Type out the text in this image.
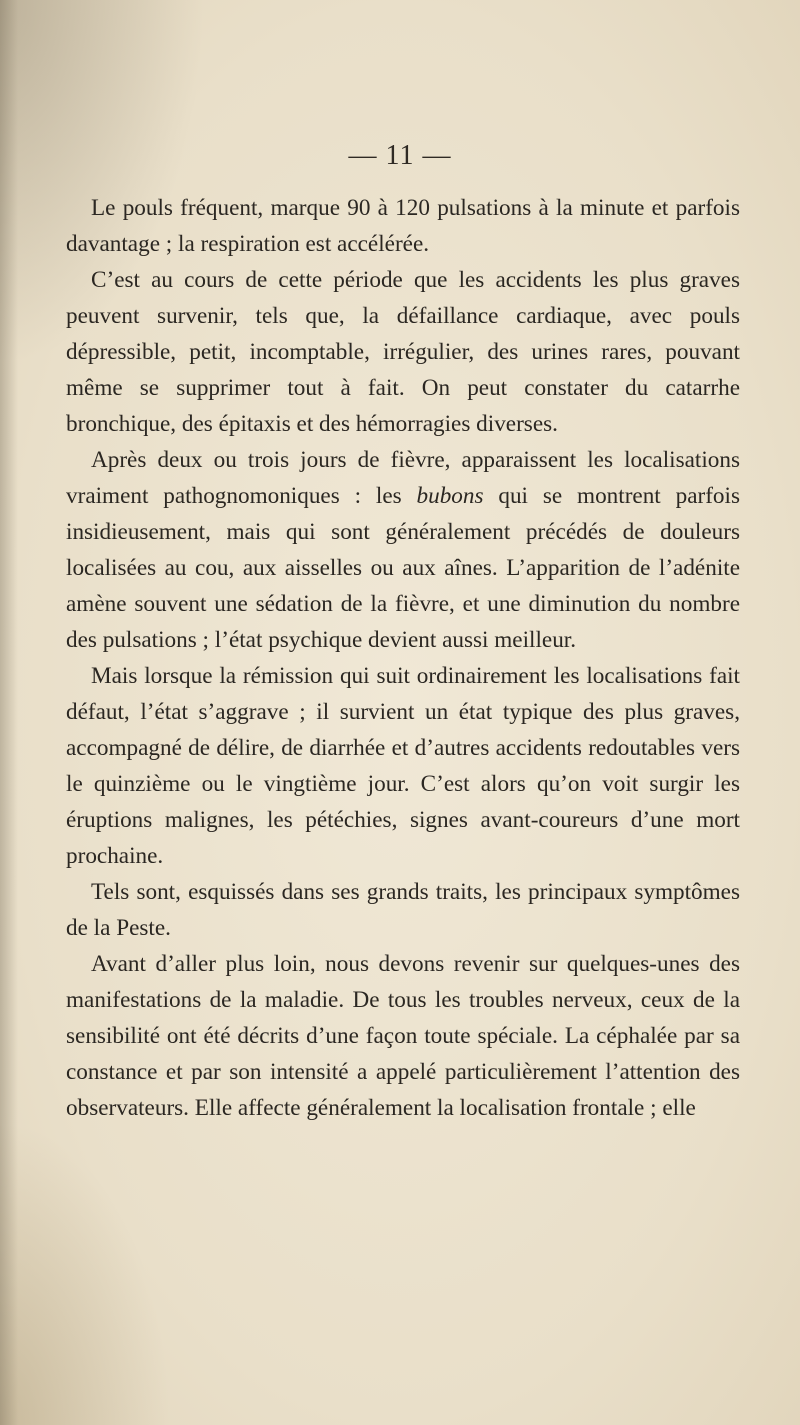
— 11 —

Le pouls fréquent, marque 90 à 120 pulsations à la minute et parfois davantage ; la respiration est accélérée.

C’est au cours de cette période que les accidents les plus graves peuvent survenir, tels que, la défaillance cardiaque, avec pouls dépressible, petit, incomptable, irrégulier, des urines rares, pouvant même se supprimer tout à fait. On peut constater du catarrhe bronchique, des épitaxis et des hémorragies diverses.

Après deux ou trois jours de fièvre, apparaissent les localisations vraiment pathognomoniques : les bubons qui se montrent parfois insidieusement, mais qui sont généralement précédés de douleurs localisées au cou, aux aisselles ou aux aînes. L’apparition de l’adénite amène souvent une sédation de la fièvre, et une diminution du nombre des pulsations ; l’état psychique devient aussi meilleur.

Mais lorsque la rémission qui suit ordinairement les localisations fait défaut, l’état s’aggrave ; il survient un état typique des plus graves, accompagné de délire, de diarrhée et d’autres accidents redoutables vers le quinzième ou le vingtième jour. C’est alors qu’on voit surgir les éruptions malignes, les pétéchies, signes avant-coureurs d’une mort prochaine.

Tels sont, esquissés dans ses grands traits, les principaux symptômes de la Peste.

Avant d’aller plus loin, nous devons revenir sur quelques-unes des manifestations de la maladie. De tous les troubles nerveux, ceux de la sensibilité ont été décrits d’une façon toute spéciale. La céphalée par sa constance et par son intensité a appelé particulièrement l’attention des observateurs. Elle affecte généralement la localisation frontale ; elle
